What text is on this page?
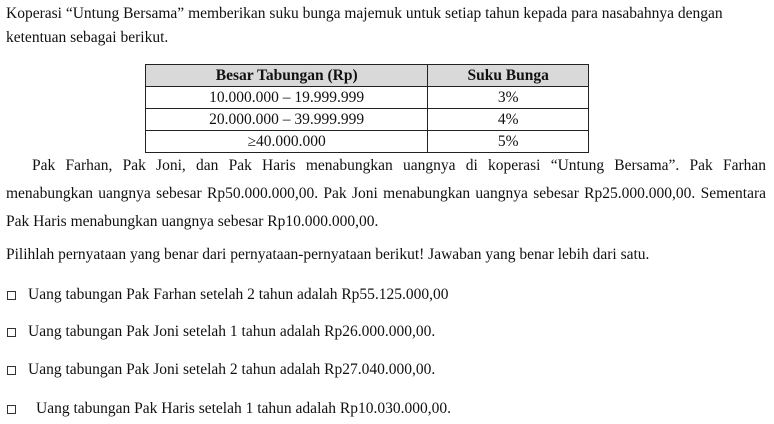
Koperasi “Untung Bersama” memberikan suku bunga majemuk untuk setiap tahun kepada para nasabahnya dengan ketentuan sebagai berikut.

Besar Tabungan (Rp)	Suku Bunga
10.000.000 – 19.999.999	3%
20.000.000 – 39.999.999	4%
≥40.000.000	5%

Pak Farhan, Pak Joni, dan Pak Haris menabungkan uangnya di koperasi “Untung Bersama”. Pak Farhan menabungkan uangnya sebesar Rp50.000.000,00. Pak Joni menabungkan uangnya sebesar Rp25.000.000,00. Sementara Pak Haris menabungkan uangnya sebesar Rp10.000.000,00.

Pilihlah pernyataan yang benar dari pernyataan-pernyataan berikut! Jawaban yang benar lebih dari satu.

Uang tabungan Pak Farhan setelah 2 tahun adalah Rp55.125.000,00
Uang tabungan Pak Joni setelah 1 tahun adalah Rp26.000.000,00.
Uang tabungan Pak Joni setelah 2 tahun adalah Rp27.040.000,00.
Uang tabungan Pak Haris setelah 1 tahun adalah Rp10.030.000,00.
